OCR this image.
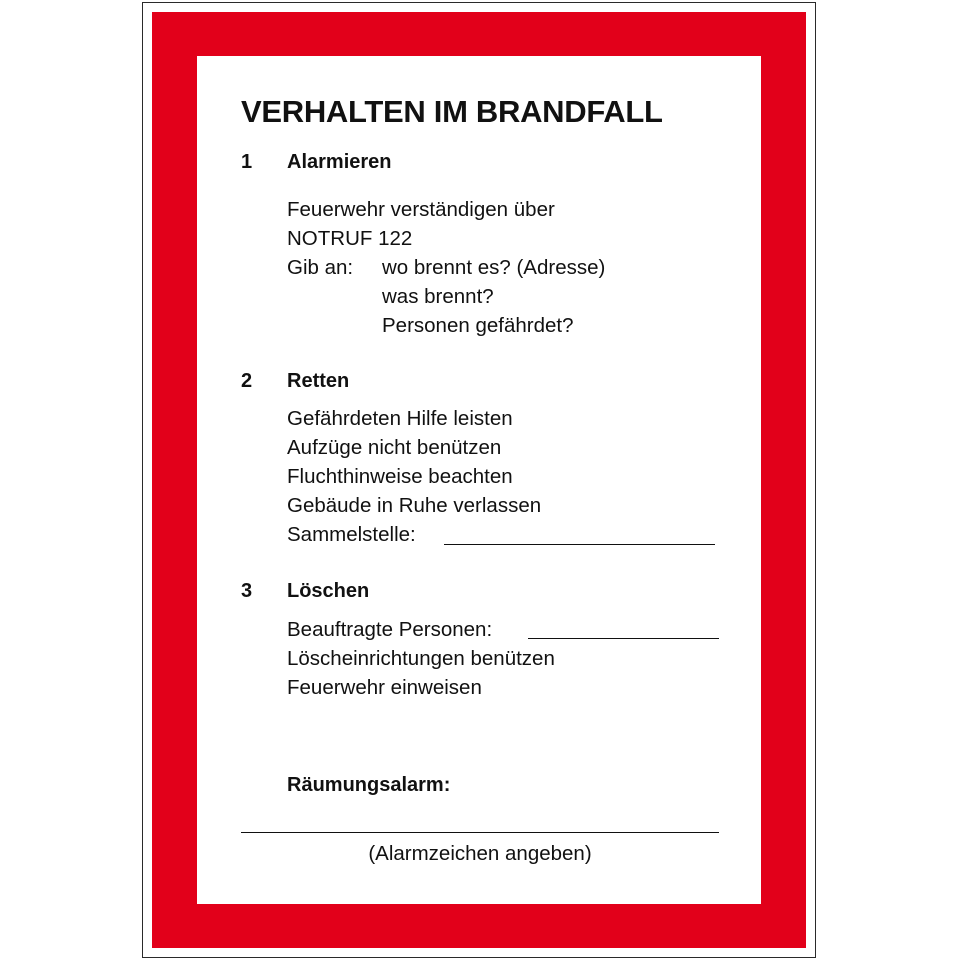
VERHALTEN IM BRANDFALL
1 Alarmieren
Feuerwehr verständigen über
NOTRUF 122
Gib an: wo brennt es? (Adresse)
was brennt?
Personen gefährdet?
2 Retten
Gefährdeten Hilfe leisten
Aufzüge nicht benützen
Fluchthinweise beachten
Gebäude in Ruhe verlassen
Sammelstelle:
3 Löschen
Beauftragte Personen:
Löscheinrichtungen benützen
Feuerwehr einweisen
Räumungsalarm:
(Alarmzeichen angeben)
